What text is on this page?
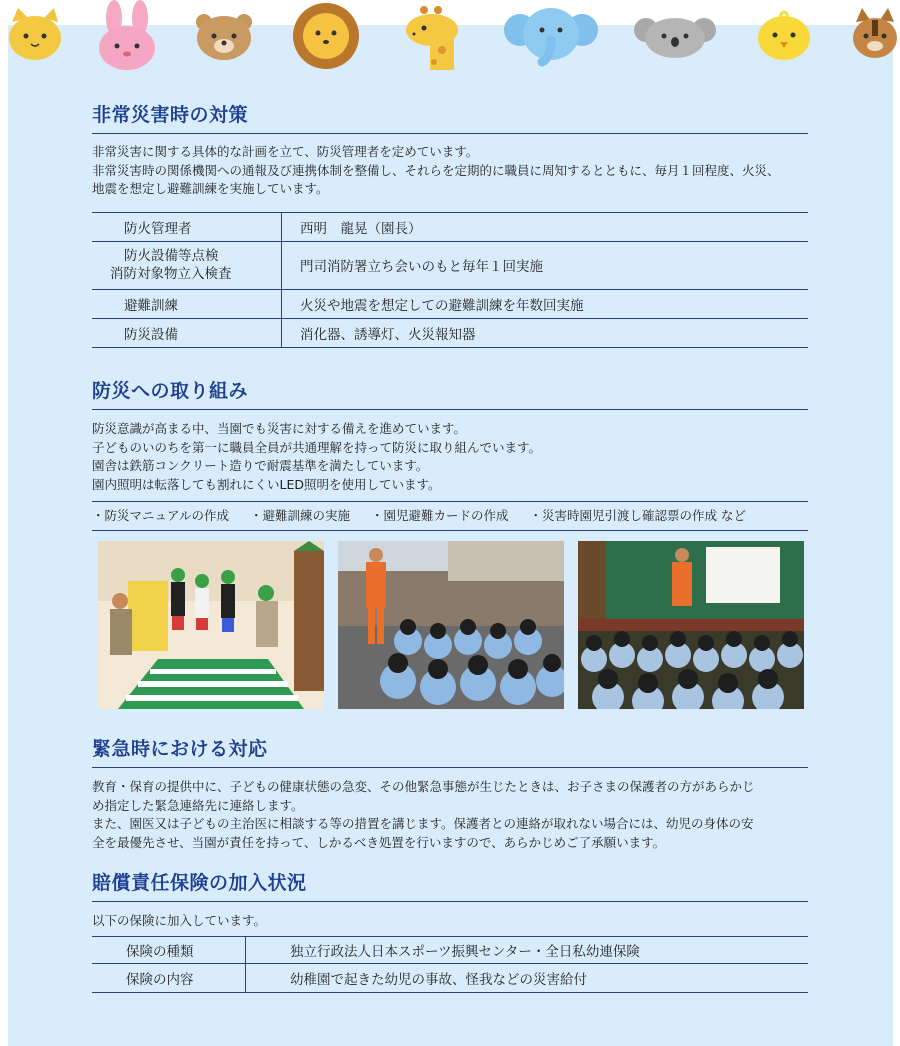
非常災害時の対策

非常災害に関する具体的な計画を立て、防災管理者を定めています。

非常災害時の関係機関への通報及び連携体制を整備し、それらを定期的に職員に周知するとともに、毎月１回程度、火災、

地震を想定し避難訓練を実施しています。

防火管理者	西明　龍晃（園長）

防火設備等点検
消防対象物立入検査	門司消防署立ち会いのもと毎年１回実施
避難訓練	火災や地震を想定しての避難訓練を年数回実施
防災設備	消化器、誘導灯、火災報知器
防災への取り組み

防災意識が高まる中、当園でも災害に対する備えを進めています。

子どものいのちを第一に職員全員が共通理解を持って防災に取り組んでいます。

園舎は鉄筋コンクリート造りで耐震基準を満たしています。

園内照明は転落しても割れにくいLED照明を使用しています。

・防災マニュアルの作成 ・避難訓練の実施 ・園児避難カードの作成 ・災害時園児引渡し確認票の作成 など
緊急時における対応

教育・保育の提供中に、子どもの健康状態の急変、その他緊急事態が生じたときは、お子さまの保護者の方があらかじ

め指定した緊急連絡先に連絡します。

また、園医又は子どもの主治医に相談する等の措置を講じます。保護者との連絡が取れない場合には、幼児の身体の安

全を最優先させ、当園が責任を持って、しかるべき処置を行いますので、あらかじめご了承願います。

賠償責任保険の加入状況

以下の保険に加入しています。

保険の種類	独立行政法人日本スポーツ振興センター・全日私幼連保険
保険の内容	幼稚園で起きた幼児の事故、怪我などの災害給付
